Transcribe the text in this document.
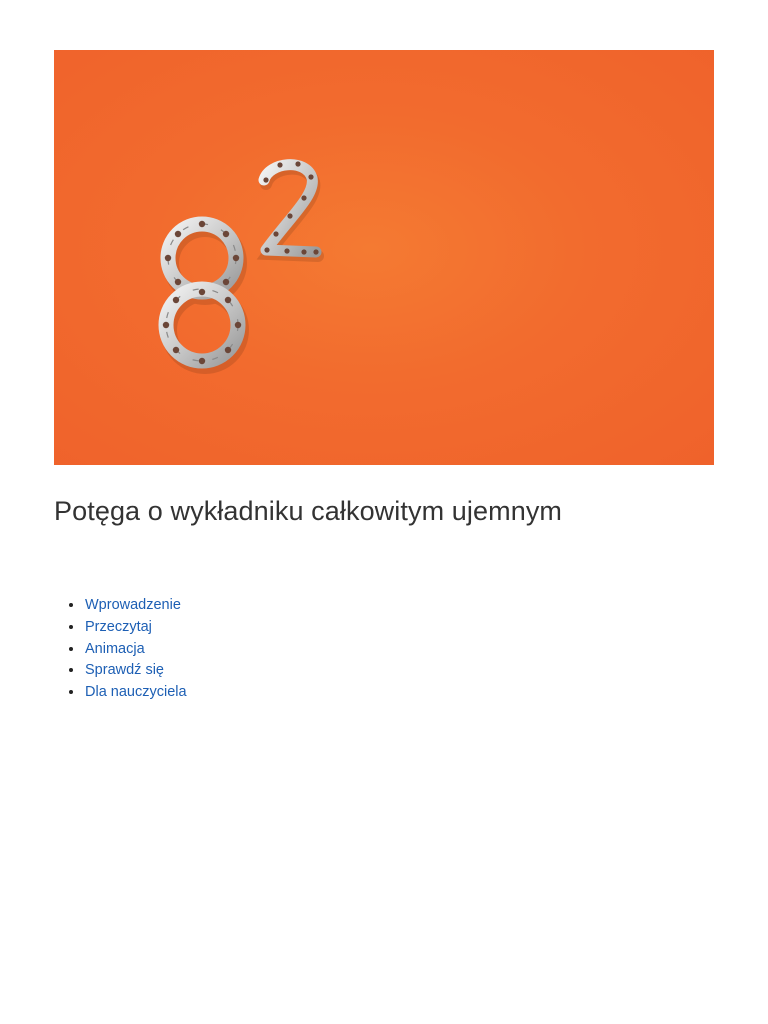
Potęga o wykładniku całkowitym ujemnym
Wprowadzenie
Przeczytaj
Animacja
Sprawdź się
Dla nauczyciela
